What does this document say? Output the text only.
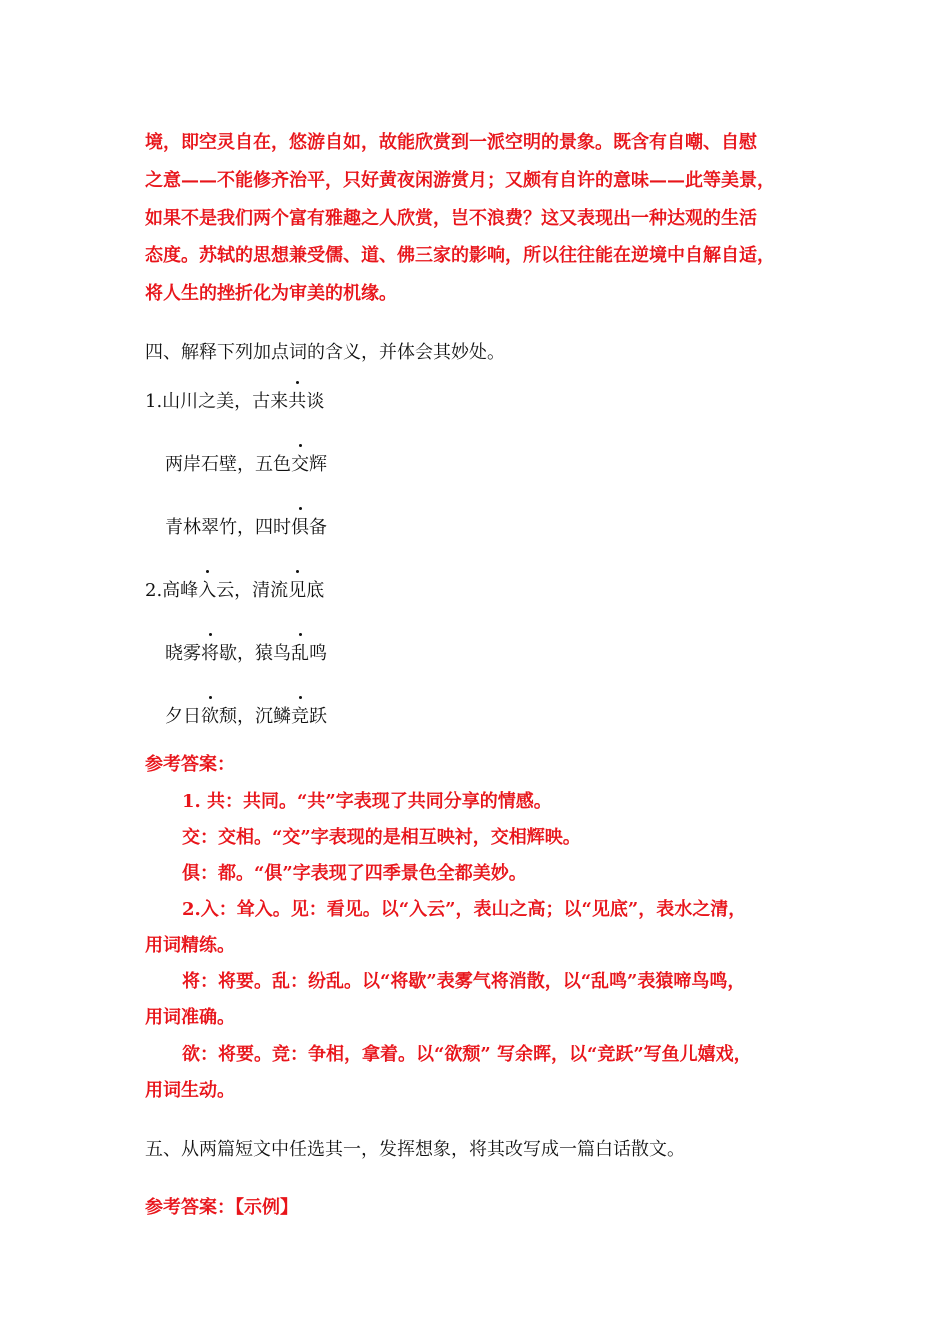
境，即空灵自在，悠游自如，故能欣赏到一派空明的景象。既含有自嘲、自慰
之意——不能修齐治平，只好黄夜闲游赏月；又颇有自许的意味——此等美景，
如果不是我们两个富有雅趣之人欣赏，岂不浪费？这又表现出一种达观的生活
态度。苏轼的思想兼受儒、道、佛三家的影响，所以往往能在逆境中自解自适，
将人生的挫折化为审美的机缘。
四、解释下列加点词的含义，并体会其妙处。
1.山川之美，古来共谈
两岸石壁，五色交辉
青林翠竹，四时俱备
2.高峰入云，清流见底
晓雾将歇，猿鸟乱鸣
夕日欲颓，沉鳞竞跃
参考答案：
1. 共：共同。“共”字表现了共同分享的情感。
交：交相。“交”字表现的是相互映衬，交相辉映。
俱：都。“俱”字表现了四季景色全都美妙。
2.入：耸入。见：看见。以“入云”，表山之高；以“见底”，表水之清，
用词精练。
将：将要。乱：纷乱。以“将歇”表雾气将消散，以“乱鸣”表猿啼鸟鸣，
用词准确。
欲：将要。竞：争相，拿着。以“欲颓” 写余晖，以“竞跃”写鱼儿嬉戏，
用词生动。
五、从两篇短文中任选其一，发挥想象，将其改写成一篇白话散文。
参考答案：【示例】
